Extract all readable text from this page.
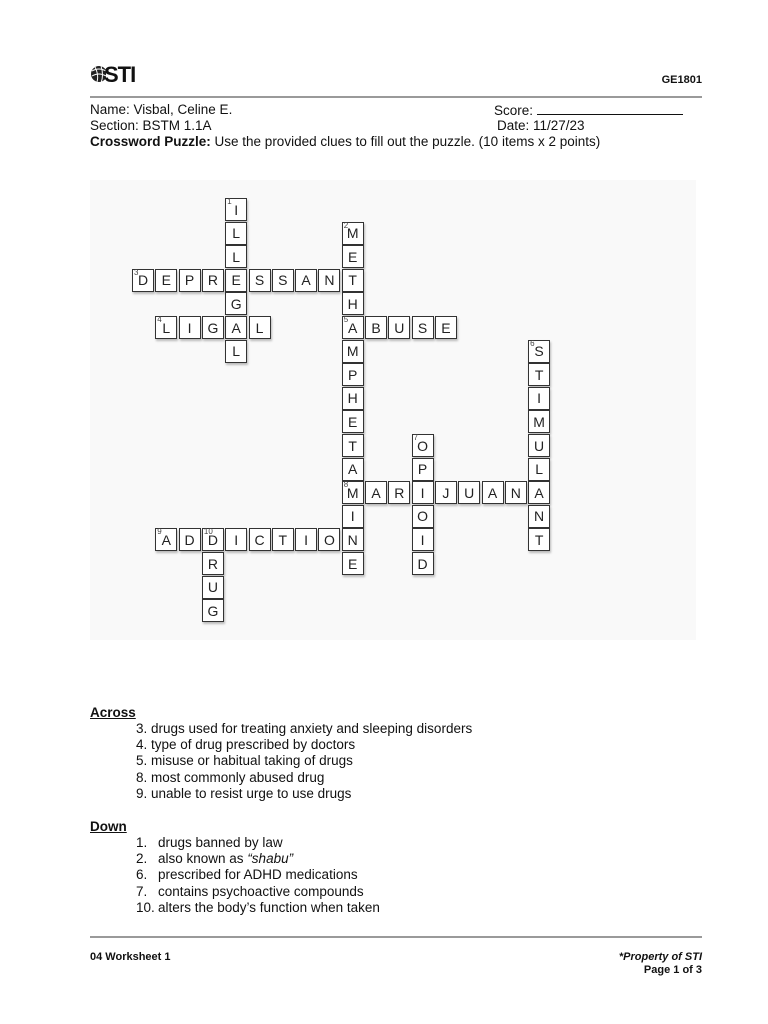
STI	GE1801
Name: Visbal, Celine E.	Score:
Section: BSTM 1.1A	Date: 11/27/23
Crossword Puzzle: Use the provided clues to fill out the puzzle. (10 items x 2 points)
1 I
L
L
E
G
A
L
2
M
E
T
H
5 A
M
P
H
E
T
A
8
M
I
N
E
3 D E P R	S S A N
4 L I G	L	B U S E
6 S
T
I
M
U
L
A
N
T
7 O
P
I
O
I
D
A R	J U A N
9 A D 10
D I C T I O
R
U
G
Across
3. drugs used for treating anxiety and sleeping disorders
4. type of drug prescribed by doctors
5. misuse or habitual taking of drugs
8. most commonly abused drug
9. unable to resist urge to use drugs
Down
1. drugs banned by law
2. also known as “shabu”
6. prescribed for ADHD medications
7. contains psychoactive compounds
10. alters the body’s function when taken
04 Worksheet 1	*Property of STI
Page 1 of 3
